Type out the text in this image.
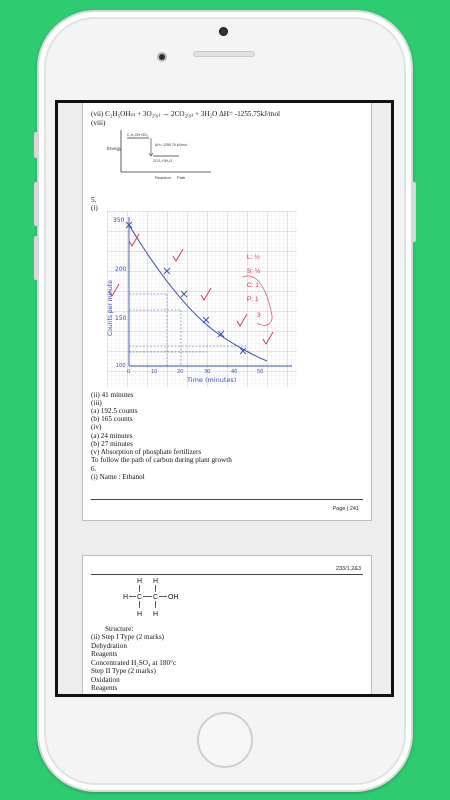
(vii) C₂H₅OH₍ₗ₎ + 3O₂₍₉₎ → 2CO₂₍₉₎ + 3H₂O ΔH= -1255.75kJ/mol
(viii)
Energy
C₂H₅OH+3O₂
2CO₂+3H₂O
ΔH=-1255.75 kJ/mol
Reaction Path
5.
(i)
350
200
150
100
0	10	20	30	40	50
Time (minutes)
Counts per minute
L: ½
S: ½
C: 1
P: 1
3
(ii) 41 minutes
(iii)
(a) 192.5 counts
(b) 165 counts
(iv)
(a) 24 minutes
(b) 27 minutes
(v) Absorption of phosphate fertilizers
To follow the path of carbon during plant growth
6.
(i) Name : Ethanol
Page | 241
233/1,2&3
H H
H C C OH
H H
Structure:
(ii) Step I Type (2 marks)
Dehydration
Reagents
Concentrated H₂SO₄ at 180°c
Step II Type (2 marks)
Oxidation
Reagents
